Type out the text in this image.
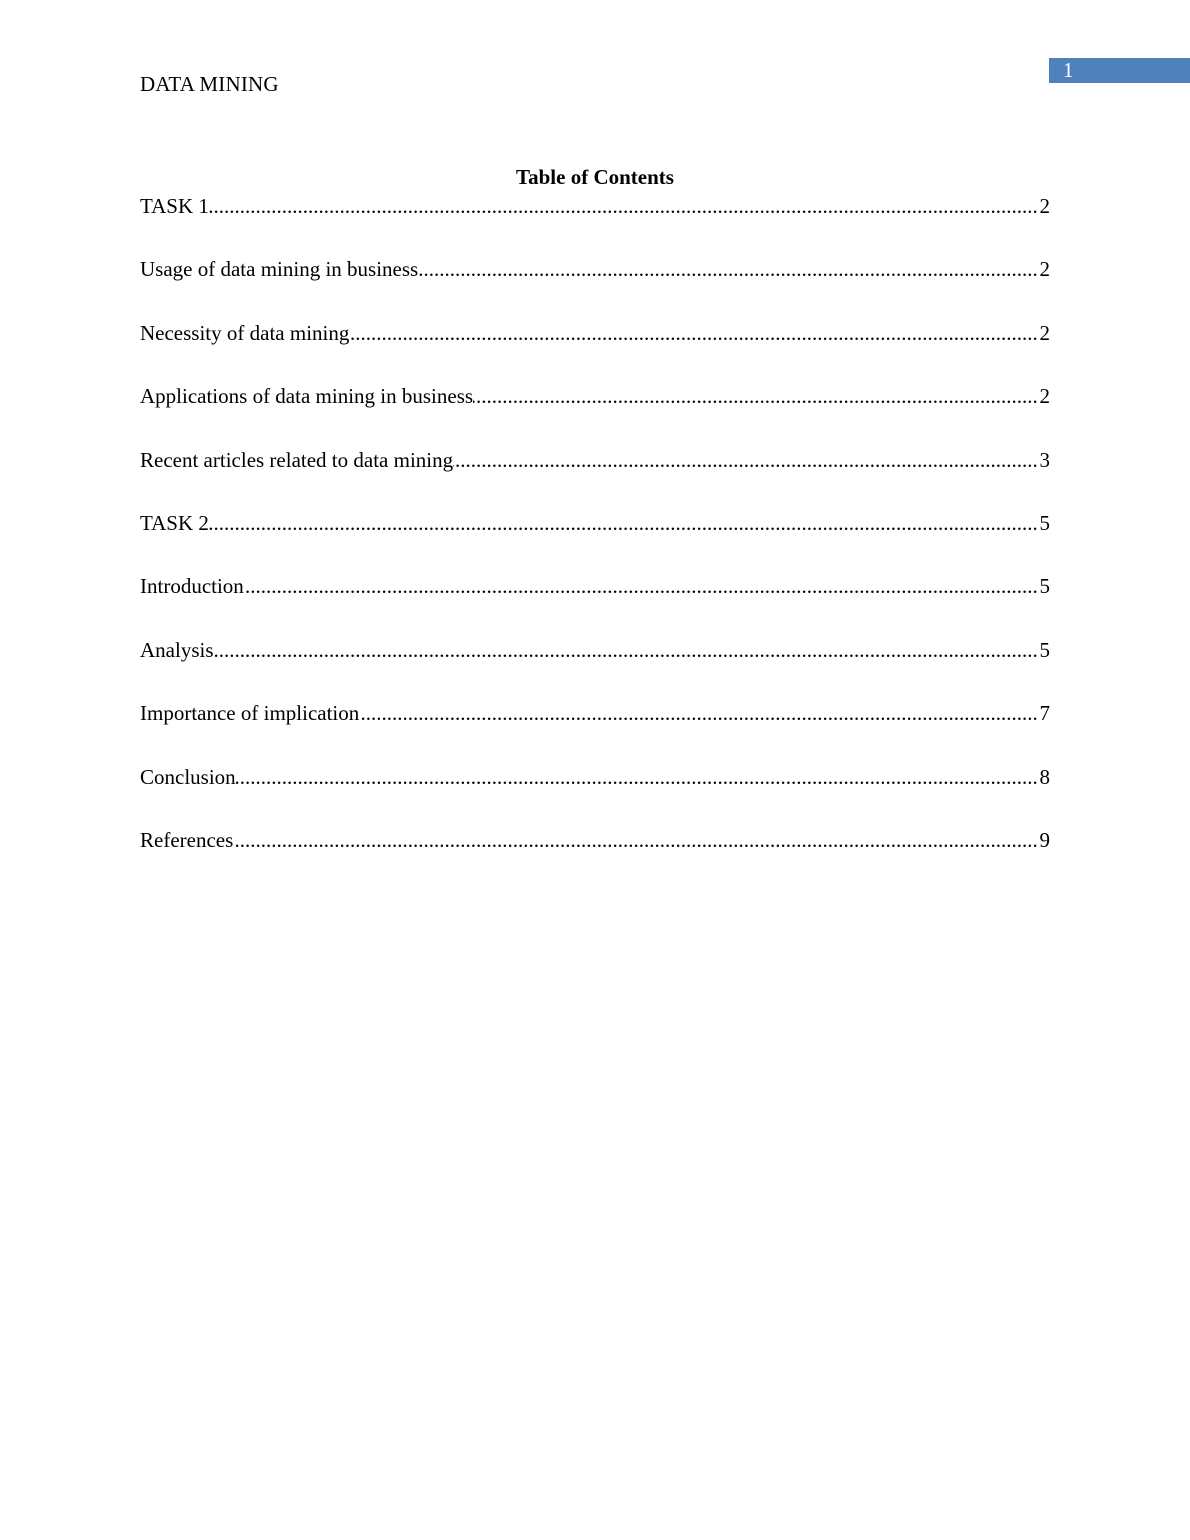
1
DATA MINING
Table of Contents
TASK 1	2
.....
Usage of data mining in business	2
.....
Necessity of data mining	2
.....
Applications of data mining in business	2
.....
Recent articles related to data mining	3
.....
TASK 2	5
.....
Introduction	5
.....
Analysis	5
.....
Importance of implication	7
.....
Conclusion	8
.....
References	9
.....
